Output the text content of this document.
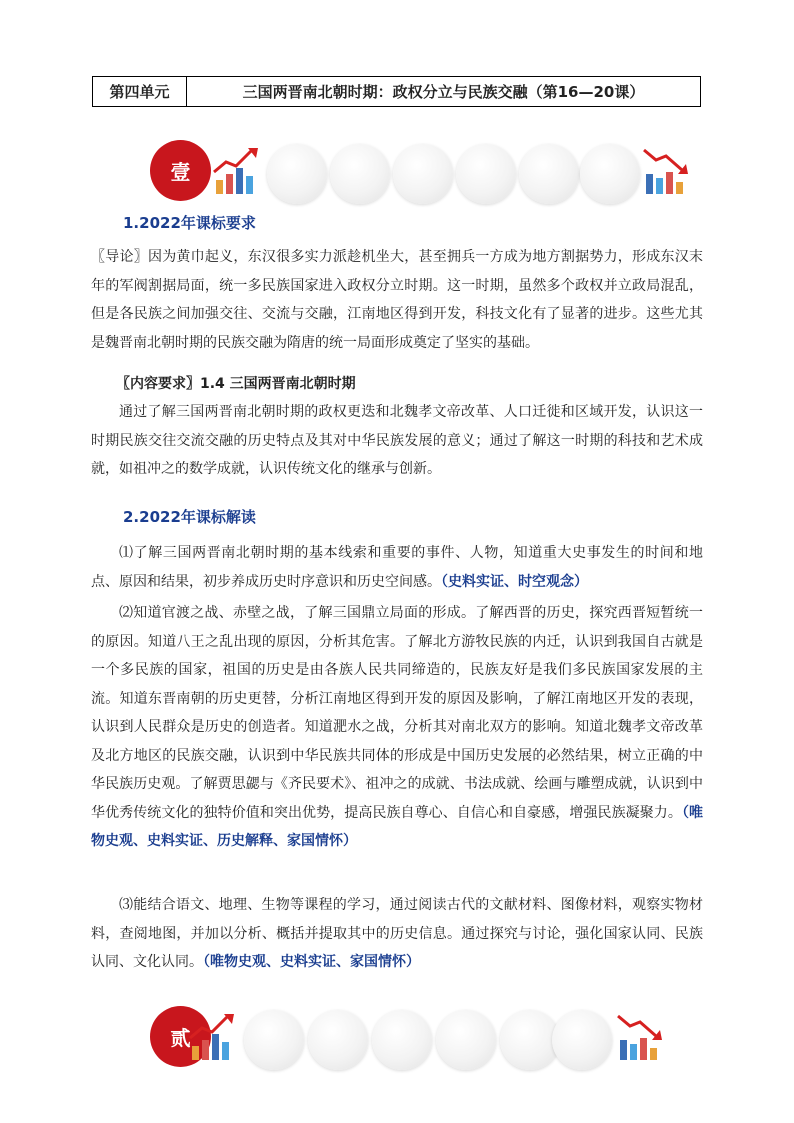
第四单元	三国两晋南北朝时期：政权分立与民族交融（第16—20课）
壹
1.2022年课标要求
〖导论〗因为黄巾起义，东汉很多实力派趁机坐大，甚至拥兵一方成为地方割据势力，形成东汉末年的军阀割据局面，统一多民族国家进入政权分立时期。这一时期，虽然多个政权并立政局混乱，但是各民族之间加强交往、交流与交融，江南地区得到开发，科技文化有了显著的进步。这些尤其是魏晋南北朝时期的民族交融为隋唐的统一局面形成奠定了坚实的基础。
〖内容要求〗1.4 三国两晋南北朝时期
通过了解三国两晋南北朝时期的政权更迭和北魏孝文帝改革、人口迁徙和区域开发，认识这一时期民族交往交流交融的历史特点及其对中华民族发展的意义；通过了解这一时期的科技和艺术成就，如祖冲之的数学成就，认识传统文化的继承与创新。
2.2022年课标解读
⑴了解三国两晋南北朝时期的基本线索和重要的事件、人物，知道重大史事发生的时间和地点、原因和结果，初步养成历史时序意识和历史空间感。（史料实证、时空观念）
⑵知道官渡之战、赤壁之战，了解三国鼎立局面的形成。了解西晋的历史，探究西晋短暂统一的原因。知道八王之乱出现的原因，分析其危害。了解北方游牧民族的内迁，认识到我国自古就是一个多民族的国家，祖国的历史是由各族人民共同缔造的，民族友好是我们多民族国家发展的主流。知道东晋南朝的历史更替，分析江南地区得到开发的原因及影响，了解江南地区开发的表现，认识到人民群众是历史的创造者。知道淝水之战，分析其对南北双方的影响。知道北魏孝文帝改革及北方地区的民族交融，认识到中华民族共同体的形成是中国历史发展的必然结果，树立正确的中华民族历史观。了解贾思勰与《齐民要术》、祖冲之的成就、书法成就、绘画与雕塑成就，认识到中华优秀传统文化的独特价值和突出优势，提高民族自尊心、自信心和自豪感，增强民族凝聚力。（唯物史观、史料实证、历史解释、家国情怀）
⑶能结合语文、地理、生物等课程的学习，通过阅读古代的文献材料、图像材料，观察实物材料，查阅地图，并加以分析、概括并提取其中的历史信息。通过探究与讨论，强化国家认同、民族认同、文化认同。（唯物史观、史料实证、家国情怀）
贰
